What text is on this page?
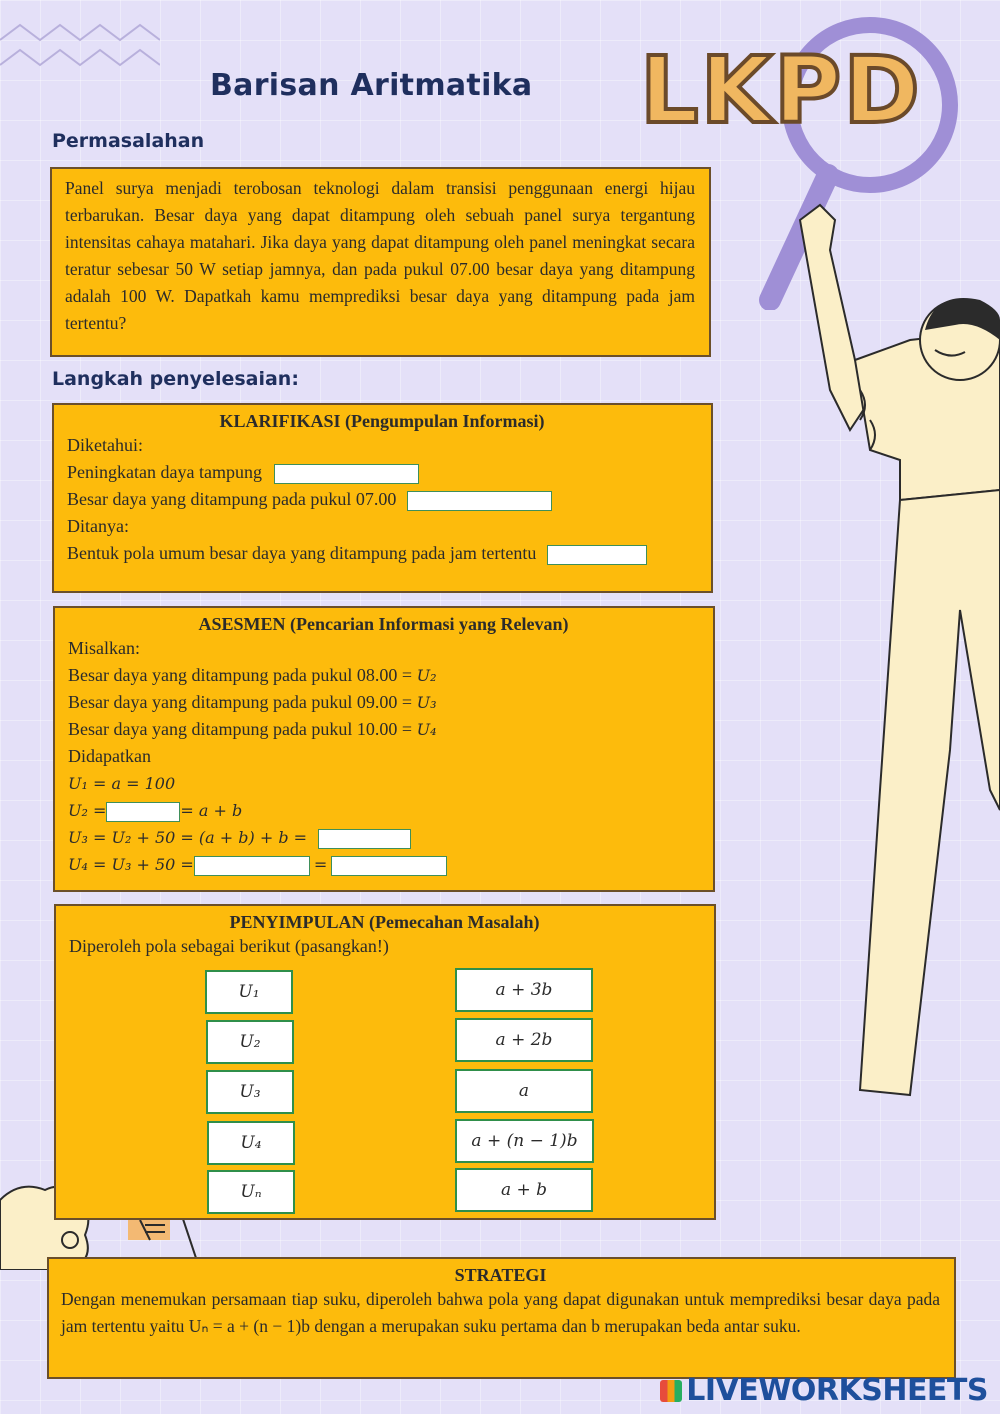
LKPD
Barisan Aritmatika
Permasalahan

Panel surya menjadi terobosan teknologi dalam transisi penggunaan energi hijau terbarukan. Besar daya yang dapat ditampung oleh sebuah panel surya tergantung intensitas cahaya matahari. Jika daya yang dapat ditampung oleh panel meningkat secara teratur sebesar 50 W setiap jamnya, dan pada pukul 07.00 besar daya yang ditampung adalah 100 W. Dapatkah kamu memprediksi besar daya yang ditampung pada jam tertentu?

Langkah penyelesaian:
KLARIFIKASI (Pengumpulan Informasi)
Diketahui:
Peningkatan daya tampung
Besar daya yang ditampung pada pukul 07.00
Ditanya:
Bentuk pola umum besar daya yang ditampung pada jam tertentu
ASESMEN (Pencarian Informasi yang Relevan)
Misalkan:
Besar daya yang ditampung pada pukul 08.00 = U₂
Besar daya yang ditampung pada pukul 09.00 = U₃
Besar daya yang ditampung pada pukul 10.00 = U₄
Didapatkan
U₁ = a = 100
U₂ =	= a + b
U₃ = U₂ + 50 = (a + b) + b =
U₄ = U₃ + 50 =	=
PENYIMPULAN (Pemecahan Masalah)
Diperoleh pola sebagai berikut (pasangkan!)
U₁
U₂
U₃
U₄
Uₙ
a + 3b
a + 2b
a
a + (n − 1)b
a + b
STRATEGI

Dengan menemukan persamaan tiap suku, diperoleh bahwa pola yang dapat digunakan untuk memprediksi besar daya pada jam tertentu yaitu Uₙ = a + (n − 1)b dengan a merupakan suku pertama dan b merupakan beda antar suku.

LIVEWORKSHEETS
